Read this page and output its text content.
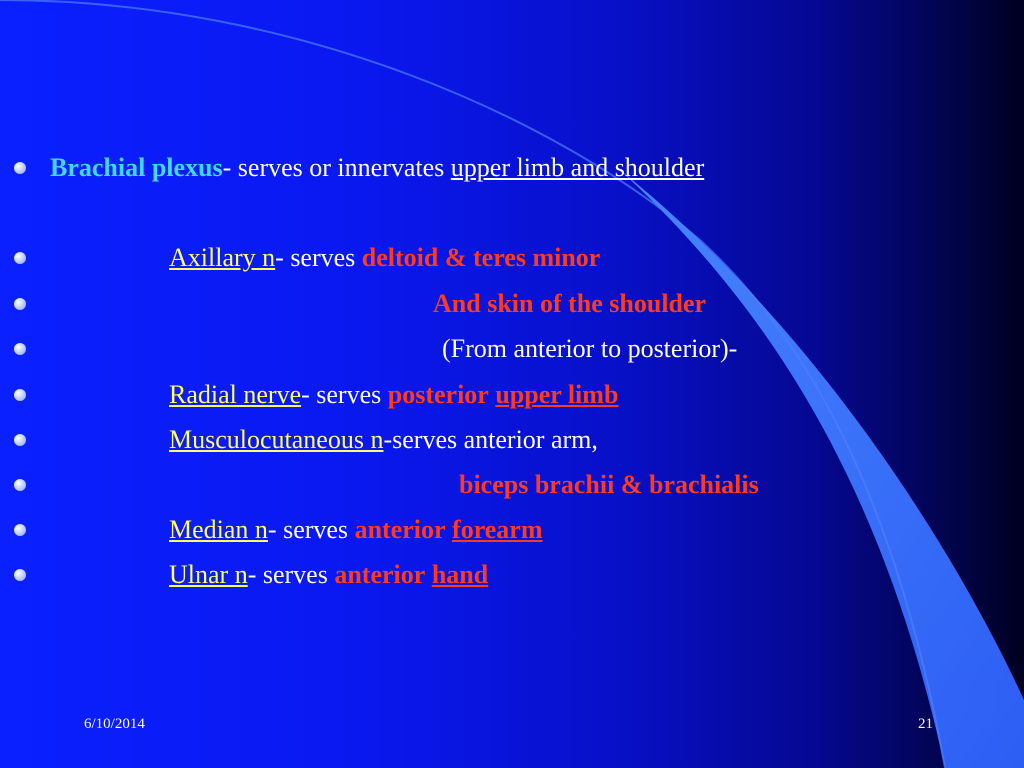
Brachial plexus- serves or innervates upper limb and shoulder
Axillary n- serves deltoid & teres minor
And skin of the shoulder
(From anterior to posterior)-
Radial nerve- serves posterior upper limb
Musculocutaneous n-serves anterior arm,
biceps brachii & brachialis
Median n- serves anterior forearm
Ulnar n- serves anterior hand
6/10/2014	21
